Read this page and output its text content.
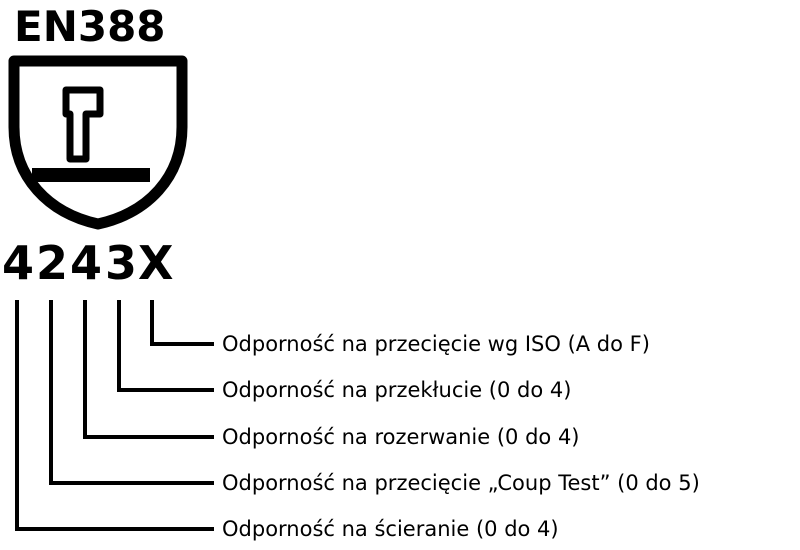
EN388
4 2 4 3 X
Odporność na przecięcie wg ISO (A do F)
Odporność na przekłucie (0 do 4)
Odporność na rozerwanie (0 do 4)
Odporność na przecięcie „Coup Test” (0 do 5)
Odporność na ścieranie (0 do 4)
